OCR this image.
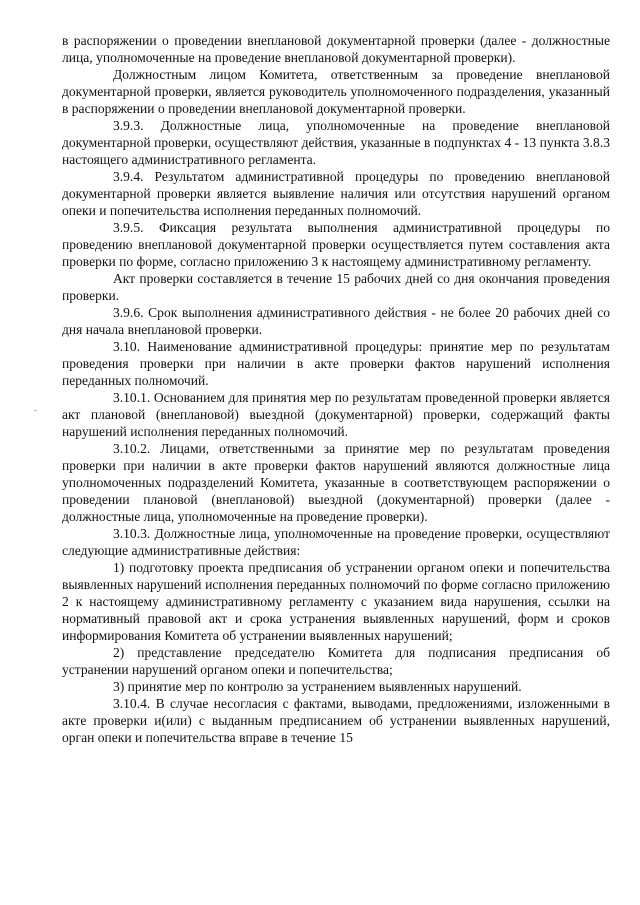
в распоряжении о проведении внеплановой документарной проверки (далее - должностные лица, уполномоченные на проведение внеплановой документарной проверки).

Должностным лицом Комитета, ответственным за проведение внеплановой документарной проверки, является руководитель уполномоченного подразделения, указанный в распоряжении о проведении внеплановой документарной проверки.

3.9.3. Должностные лица, уполномоченные на проведение внеплановой документарной проверки, осуществляют действия, указанные в подпунктах 4 - 13 пункта 3.8.3 настоящего административного регламента.

3.9.4. Результатом административной процедуры по проведению внеплановой документарной проверки является выявление наличия или отсутствия нарушений органом опеки и попечительства исполнения переданных полномочий.

3.9.5. Фиксация результата выполнения административной процедуры по проведению внеплановой документарной проверки осуществляется путем составления акта проверки по форме, согласно приложению 3 к настоящему административному регламенту.

Акт проверки составляется в течение 15 рабочих дней со дня окончания проведения проверки.

3.9.6. Срок выполнения административного действия - не более 20 рабочих дней со дня начала внеплановой проверки.

3.10. Наименование административной процедуры: принятие мер по результатам проведения проверки при наличии в акте проверки фактов нарушений исполнения переданных полномочий.

3.10.1. Основанием для принятия мер по результатам проведенной проверки является акт плановой (внеплановой) выездной (документарной) проверки, содержащий факты нарушений исполнения переданных полномочий.

3.10.2. Лицами, ответственными за принятие мер по результатам проведения проверки при наличии в акте проверки фактов нарушений являются должностные лица уполномоченных подразделений Комитета, указанные в соответствующем распоряжении о проведении плановой (внеплановой) выездной (документарной) проверки (далее - должностные лица, уполномоченные на проведение проверки).

3.10.3. Должностные лица, уполномоченные на проведение проверки, осуществляют следующие административные действия:

1) подготовку проекта предписания об устранении органом опеки и попечительства выявленных нарушений исполнения переданных полномочий по форме согласно приложению 2 к настоящему административному регламенту с указанием вида нарушения, ссылки на нормативный правовой акт и срока устранения выявленных нарушений, форм и сроков информирования Комитета об устранении выявленных нарушений;

2) представление председателю Комитета для подписания предписания об устранении нарушений органом опеки и попечительства;

3) принятие мер по контролю за устранением выявленных нарушений.

3.10.4. В случае несогласия с фактами, выводами, предложениями, изложенными в акте проверки и(или) с выданным предписанием об устранении выявленных нарушений, орган опеки и попечительства вправе в течение 15
